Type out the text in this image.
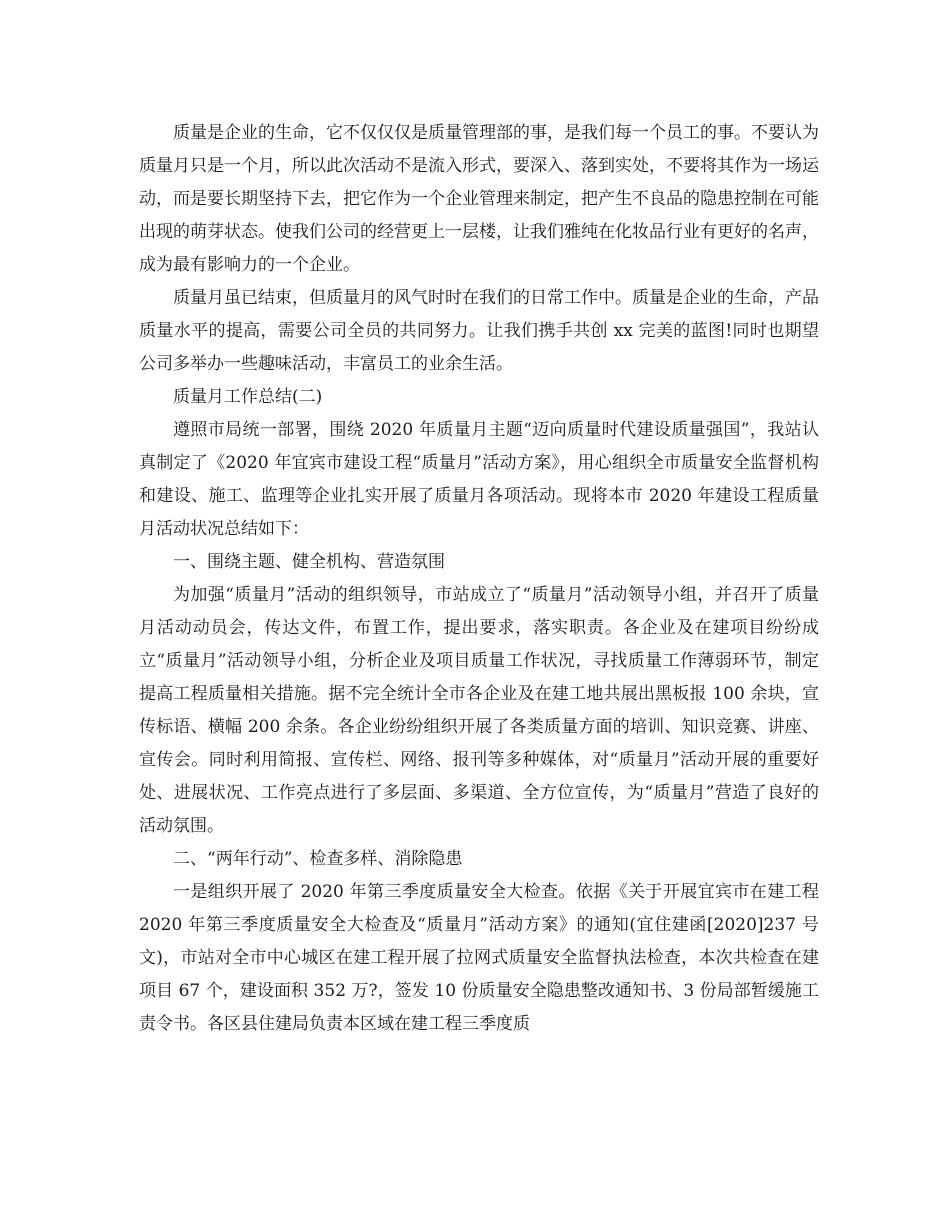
质量是企业的生命，它不仅仅仅是质量管理部的事，是我们每一个员工的事。不要认为质量月只是一个月，所以此次活动不是流入形式，要深入、落到实处，不要将其作为一场运动，而是要长期坚持下去，把它作为一个企业管理来制定，把产生不良品的隐患控制在可能出现的萌芽状态。使我们公司的经营更上一层楼，让我们雅纯在化妆品行业有更好的名声，成为最有影响力的一个企业。

质量月虽已结束，但质量月的风气时时在我们的日常工作中。质量是企业的生命，产品质量水平的提高，需要公司全员的共同努力。让我们携手共创 xx 完美的蓝图!同时也期望公司多举办一些趣味活动，丰富员工的业余生活。

质量月工作总结(二)

遵照市局统一部署，围绕 2020 年质量月主题“迈向质量时代建设质量强国”，我站认真制定了《2020 年宜宾市建设工程“质量月”活动方案》，用心组织全市质量安全监督机构和建设、施工、监理等企业扎实开展了质量月各项活动。现将本市 2020 年建设工程质量月活动状况总结如下：

一、围绕主题、健全机构、营造氛围

为加强“质量月”活动的组织领导，市站成立了“质量月”活动领导小组，并召开了质量月活动动员会，传达文件，布置工作，提出要求，落实职责。各企业及在建项目纷纷成立“质量月”活动领导小组，分析企业及项目质量工作状况，寻找质量工作薄弱环节，制定提高工程质量相关措施。据不完全统计全市各企业及在建工地共展出黑板报 100 余块，宣传标语、横幅 200 余条。各企业纷纷组织开展了各类质量方面的培训、知识竞赛、讲座、宣传会。同时利用简报、宣传栏、网络、报刊等多种媒体，对“质量月”活动开展的重要好处、进展状况、工作亮点进行了多层面、多渠道、全方位宣传，为“质量月”营造了良好的活动氛围。

二、“两年行动”、检查多样、消除隐患

一是组织开展了 2020 年第三季度质量安全大检查。依据《关于开展宜宾市在建工程 2020 年第三季度质量安全大检查及“质量月”活动方案》的通知(宜住建函[2020]237 号文)，市站对全市中心城区在建工程开展了拉网式质量安全监督执法检查，本次共检查在建项目 67 个，建设面积 352 万?，签发 10 份质量安全隐患整改通知书、3 份局部暂缓施工责令书。各区县住建局负责本区域在建工程三季度质
